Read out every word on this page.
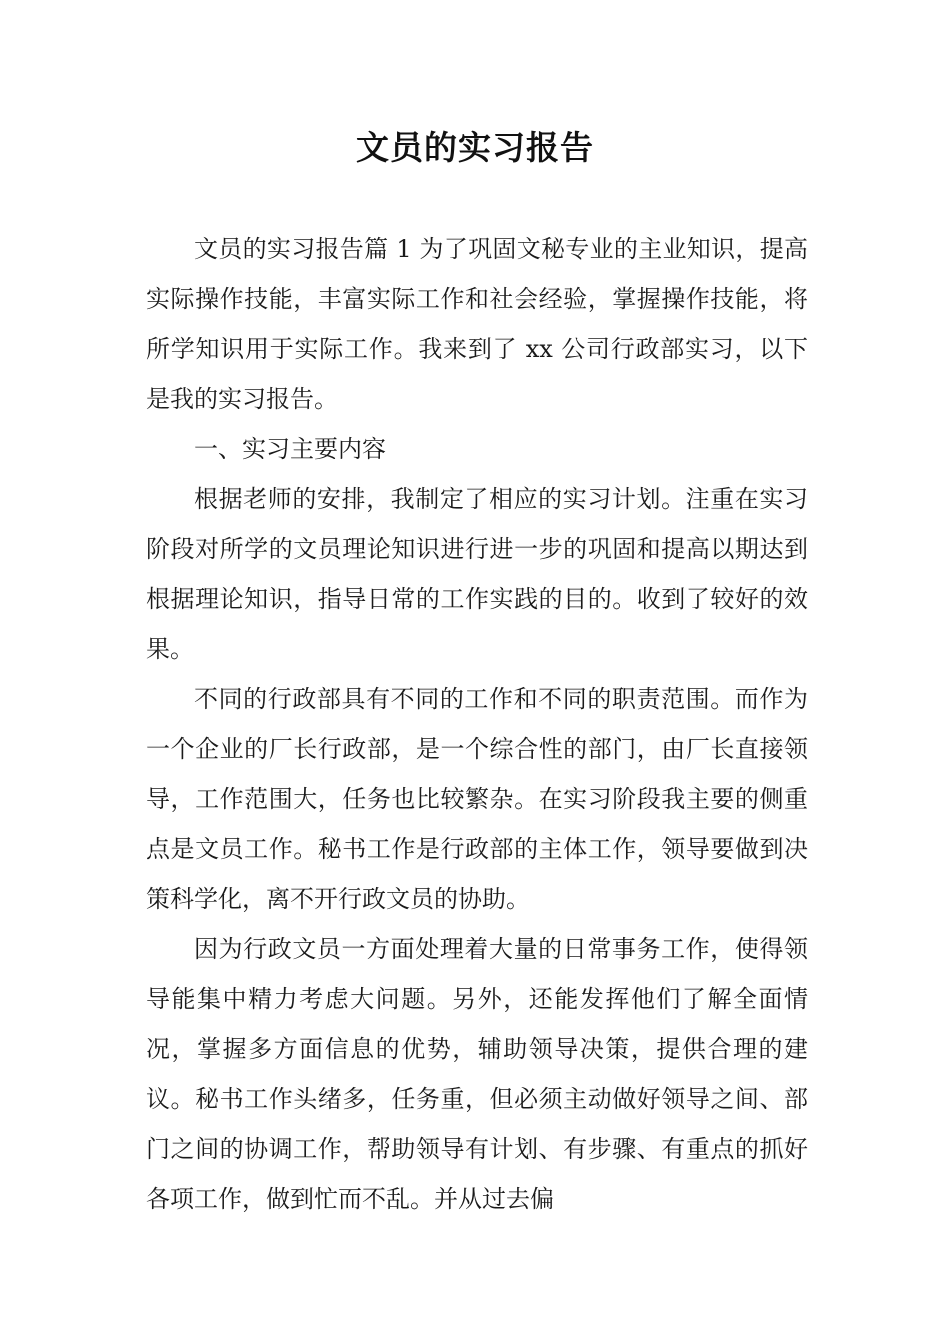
文员的实习报告

文员的实习报告篇 1 为了巩固文秘专业的主业知识，提高实际操作技能，丰富实际工作和社会经验，掌握操作技能，将所学知识用于实际工作。我来到了 xx 公司行政部实习，以下是我的实习报告。

一、实习主要内容

根据老师的安排，我制定了相应的实习计划。注重在实习阶段对所学的文员理论知识进行进一步的巩固和提高以期达到根据理论知识，指导日常的工作实践的目的。收到了较好的效果。

不同的行政部具有不同的工作和不同的职责范围。而作为一个企业的厂长行政部，是一个综合性的部门，由厂长直接领导，工作范围大，任务也比较繁杂。在实习阶段我主要的侧重点是文员工作。秘书工作是行政部的主体工作，领导要做到决策科学化，离不开行政文员的协助。

因为行政文员一方面处理着大量的日常事务工作，使得领导能集中精力考虑大问题。另外，还能发挥他们了解全面情况，掌握多方面信息的优势，辅助领导决策，提供合理的建议。秘书工作头绪多，任务重，但必须主动做好领导之间、部门之间的协调工作，帮助领导有计划、有步骤、有重点的抓好各项工作，做到忙而不乱。并从过去偏
